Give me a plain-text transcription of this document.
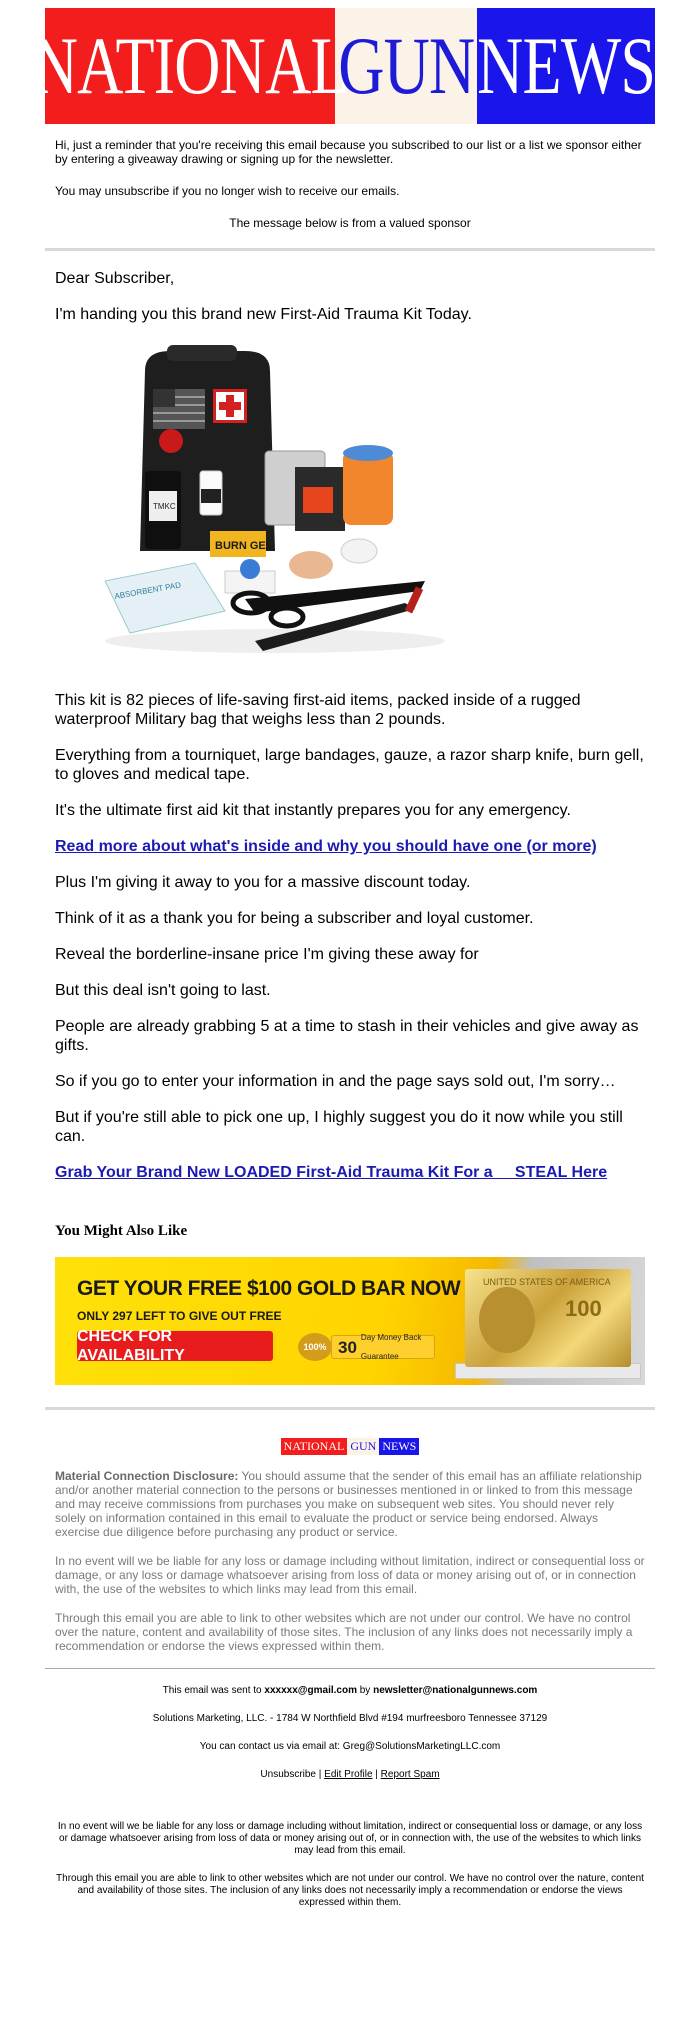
NATIONAL
GUN NEWS

Hi, just a reminder that you're receiving this email because you subscribed to our list or a list we sponsor either by entering a giveaway drawing or signing up for the newsletter.

You may unsubscribe if you no longer wish to receive our emails.

The message below is from a valued sponsor

Dear Subscriber,

I'm handing you this brand new First-Aid Trauma Kit Today.

TMKC
BURN GEL
ABSORBENT PAD

This kit is 82 pieces of life-saving first-aid items, packed inside of a rugged waterproof Military bag that weighs less than 2 pounds.

Everything from a tourniquet, large bandages, gauze, a razor sharp knife, burn gell, to gloves and medical tape.

It's the ultimate first aid kit that instantly prepares you for any emergency.

Read more about what's inside and why you should have one (or more)

Plus I'm giving it away to you for a massive discount today.

Think of it as a thank you for being a subscriber and loyal customer.

Reveal the borderline-insane price I'm giving these away for

But this deal isn't going to last.

People are already grabbing 5 at a time to stash in their vehicles and give away as gifts.

So if you go to enter your information in and the page says sold out, I'm sorry…

But if you're still able to pick one up, I highly suggest you do it now while you still can.

Grab Your Brand New LOADED First-Aid Trauma Kit For a     STEAL Here

You Might Also Like
GET YOUR FREE $100 GOLD BAR NOW
ONLY 297 LEFT TO GIVE OUT FREE
CHECK FOR AVAILABILITY
100% 30 Day Money Back Guarantee
UNITED STATES OF AMERICA
100
NATIONAL GUN NEWS

Material Connection Disclosure: You should assume that the sender of this email has an affiliate relationship and/or another material connection to the persons or businesses mentioned in or linked to from this message and may receive commissions from purchases you make on subsequent web sites. You should never rely solely on information contained in this email to evaluate the product or service being endorsed. Always exercise due diligence before purchasing any product or service.

In no event will we be liable for any loss or damage including without limitation, indirect or consequential loss or damage, or any loss or damage whatsoever arising from loss of data or money arising out of, or in connection with, the use of the websites to which links may lead from this email.

Through this email you are able to link to other websites which are not under our control. We have no control over the nature, content and availability of those sites. The inclusion of any links does not necessarily imply a recommendation or endorse the views expressed within them.

This email was sent to xxxxxx@gmail.com by newsletter@nationalgunnews.com

Solutions Marketing, LLC. - 1784 W Northfield Blvd #194 murfreesboro Tennessee 37129

You can contact us via email at: Greg@SolutionsMarketingLLC.com

Unsubscribe | Edit Profile | Report Spam

In no event will we be liable for any loss or damage including without limitation, indirect or consequential loss or damage, or any loss or damage whatsoever arising from loss of data or money arising out of, or in connection with, the use of the websites to which links may lead from this email.

Through this email you are able to link to other websites which are not under our control. We have no control over the nature, content and availability of those sites. The inclusion of any links does not necessarily imply a recommendation or endorse the views expressed within them.
